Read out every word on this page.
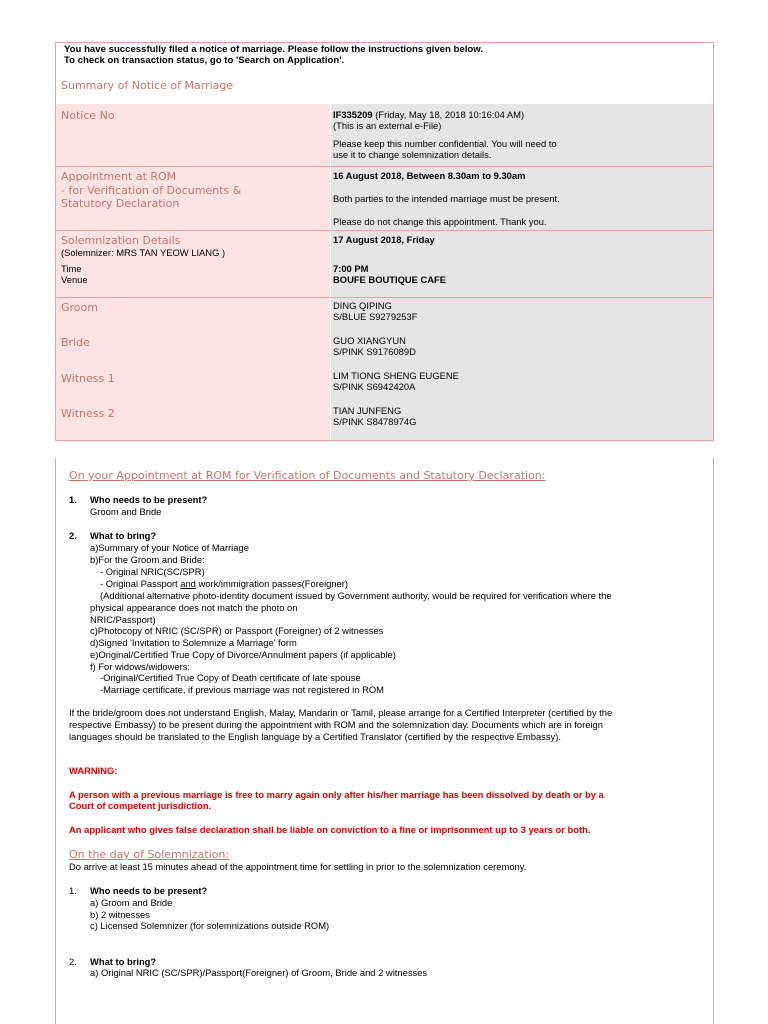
You have successfully filed a notice of marriage. Please follow the instructions given below.
To check on transaction status, go to 'Search on Application'.
Summary of Notice of Marriage
Notice No	IF335209 (Friday, May 18, 2018 10:16:04 AM)
(This is an external e-File)
Please keep this number confidential. You will need to
use it to change solemnization details.
Appointment at ROM
- for Verification of Documents &
Statutory Declaration
16 August 2018, Between 8.30am to 9.30am
Both parties to the intended marriage must be present.
Please do not change this appointment. Thank you.
Solemnization Details
(Solemnizer: MRS TAN YEOW LIANG )
Time
Venue
17 August 2018, Friday
7:00 PM
BOUFE BOUTIQUE CAFE
Groom
Bride
Witness 1
Witness 2
DING QIPING
S/BLUE S9279253F
GUO XIANGYUN
S/PINK S9176089D
LIM TIONG SHENG EUGENE
S/PINK S6942420A
TIAN JUNFENG
S/PINK S8478974G
On your Appointment at ROM for Verification of Documents and Statutory Declaration:
1. Who needs to be present?
Groom and Bride
2. What to bring?
a)Summary of your Notice of Marriage
b)For the Groom and Bride:
- Original NRIC(SC/SPR)
- Original Passport and work/immigration passes(Foreigner)
(Additional alternative photo-identity document issued by Government authority, would be required for verification where the
physical appearance does not match the photo on
NRIC/Passport)
c)Photocopy of NRIC (SC/SPR) or Passport (Foreigner) of 2 witnesses
d)Signed 'Invitation to Solemnize a Marriage' form
e)Original/Certified True Copy of Divorce/Annulment papers (if applicable)
f) For widows/widowers:
-Original/Certified True Copy of Death certificate of late spouse
-Marriage certificate, if previous marriage was not registered in ROM
If the bride/groom does not understand English, Malay, Mandarin or Tamil, please arrange for a Certified Interpreter (certified by the
respective Embassy) to be present during the appointment with ROM and the solemnization day. Documents which are in foreign
languages should be translated to the English language by a Certified Translator (certified by the respective Embassy).
WARNING:
A person with a previous marriage is free to marry again only after his/her marriage has been dissolved by death or by a
Court of competent jurisdiction.
An applicant who gives false declaration shall be liable on conviction to a fine or imprisonment up to 3 years or both.
On the day of Solemnization:
Do arrive at least 15 minutes ahead of the appointment time for settling in prior to the solemnization ceremony.
1. Who needs to be present?
a) Groom and Bride
b) 2 witnesses
c) Licensed Solemnizer (for solemnizations outside ROM)
2. What to bring?
a) Original NRIC (SC/SPR)/Passport(Foreigner) of Groom, Bride and 2 witnesses
